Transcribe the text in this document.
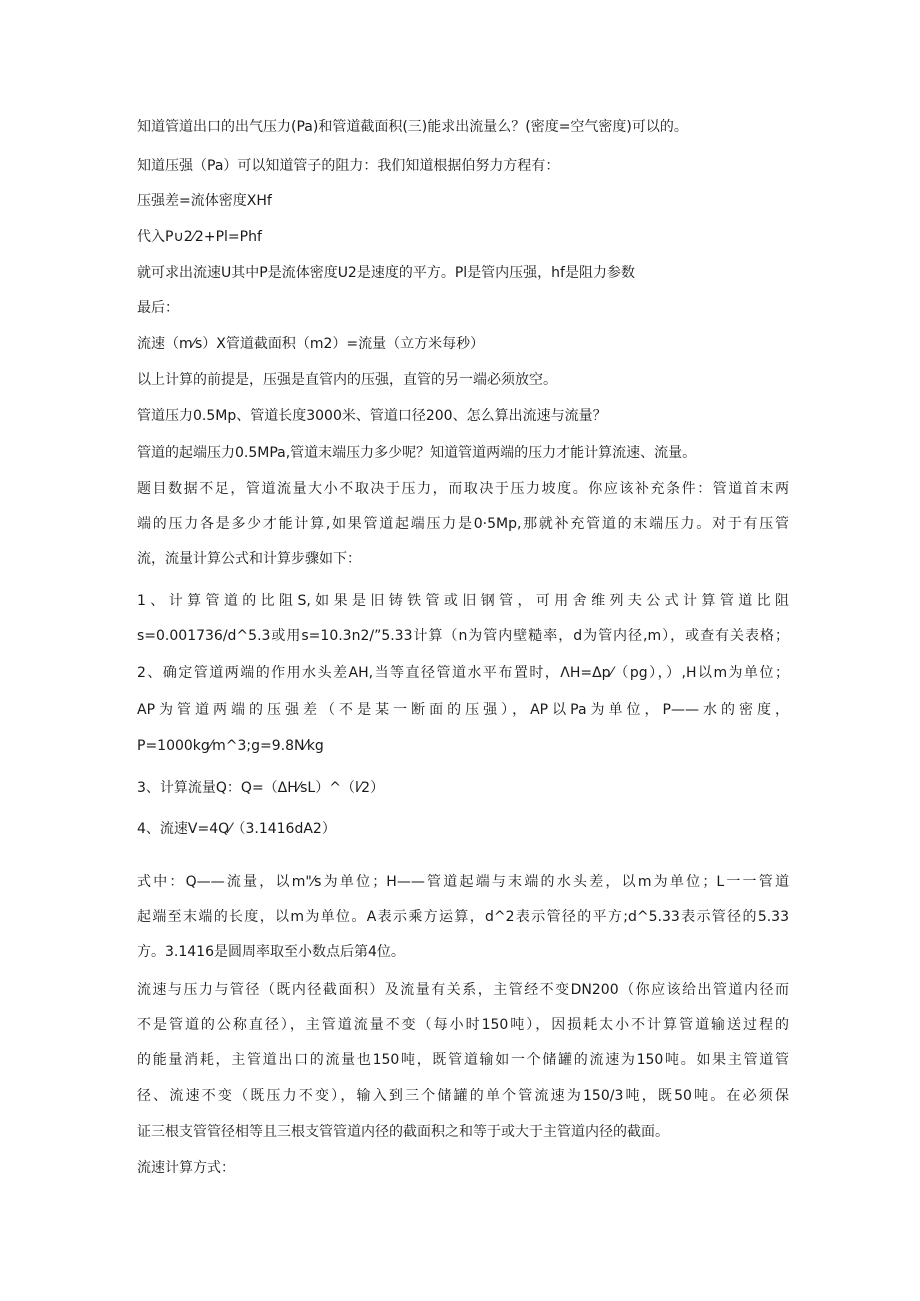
知道管道出口的出气压力(Pa)和管道截面积(三)能求出流量么？(密度=空气密度)可以的。
知道压强（Pa）可以知道管子的阻力：我们知道根据伯努力方程有：
压强差=流体密度XHf
代入P∪2⁄2+Pl=Phf
就可求出流速U其中P是流体密度U2是速度的平方。Pl是管内压强，hf是阻力参数
最后：
流速（m⁄s）X管道截面积（m2）=流量（立方米每秒）
以上计算的前提是，压强是直管内的压强，直管的另一端必须放空。
管道压力0.5Mp、管道长度3000米、管道口径200、怎么算出流速与流量？
管道的起端压力0.5MPa,管道末端压力多少呢？知道管道两端的压力才能计算流速、流量。
题目数据不足，管道流量大小不取决于压力，而取决于压力坡度。你应该补充条件：管道首末两
端的压力各是多少才能计算,如果管道起端压力是0·5Mp,那就补充管道的末端压力。对于有压管
流，流量计算公式和计算步骤如下：
1、计算管道的比阻S,如果是旧铸铁管或旧钢管，可用舍维列夫公式计算管道比阻
s=0.001736/d^5.3或用s=10.3n2/”5.33计算（n为管内壁糙率，d为管内径,m），或查有关表格；
2、确定管道两端的作用水头差AH,当等直径管道水平布置时，ΛH=Δp⁄（pg），）,H以m为单位；
AP为管道两端的压强差（不是某一断面的压强），AP以Pa为单位，P——水的密度，
P=1000kg⁄m^3;g=9.8N⁄kg
3、计算流量Q：Q=（ΔH⁄sL）^（l⁄2）
4、流速V=4Q⁄（3.1416dA2）
式中：Q——流量，以m"⁄s为单位；H——管道起端与末端的水头差，以m为单位；L一一管道
起端至末端的长度，以m为单位。A表示乘方运算，d^2表示管径的平方;d^5.33表示管径的5.33
方。3.1416是圆周率取至小数点后第4位。
流速与压力与管径（既内径截面积）及流量有关系，主管经不变DN200（你应该给出管道内径而
不是管道的公称直径），主管道流量不变（每小时150吨），因损耗太小不计算管道输送过程的
的能量消耗，主管道出口的流量也150吨，既管道输如一个储罐的流速为150吨。如果主管道管
径、流速不变（既压力不变），输入到三个储罐的单个管流速为150/3吨，既50吨。在必须保
证三根支管管径相等且三根支管管道内径的截面积之和等于或大于主管道内径的截面。
流速计算方式：
